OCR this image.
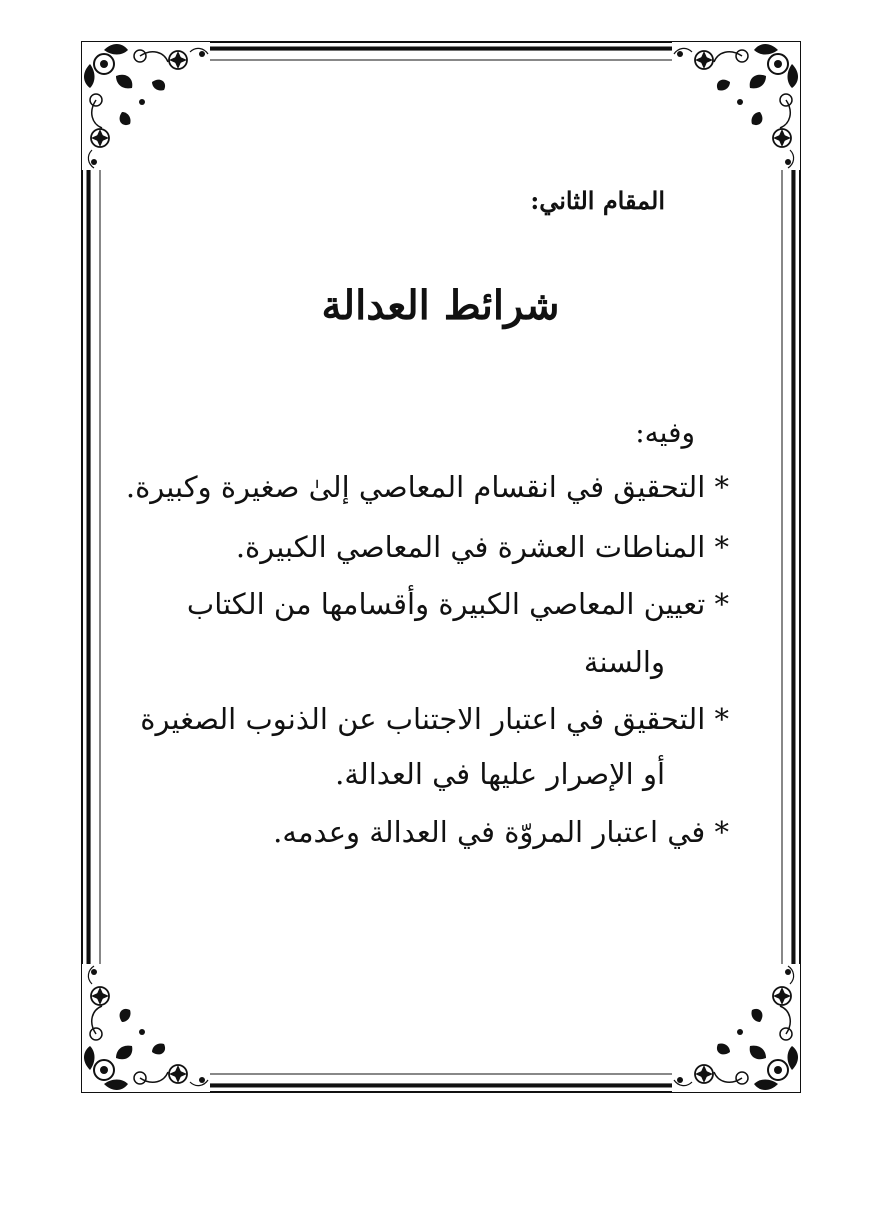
المقام الثاني:
شرائط العدالة
وفيه:
* التحقيق في انقسام المعاصي إلىٰ صغيرة وكبيرة.
* المناطات العشرة في المعاصي الكبيرة.
* تعيين المعاصي الكبيرة وأقسامها من الكتاب
والسنة
* التحقيق في اعتبار الاجتناب عن الذنوب الصغيرة
أو الإصرار عليها في العدالة.
* في اعتبار المروّة في العدالة وعدمه.
